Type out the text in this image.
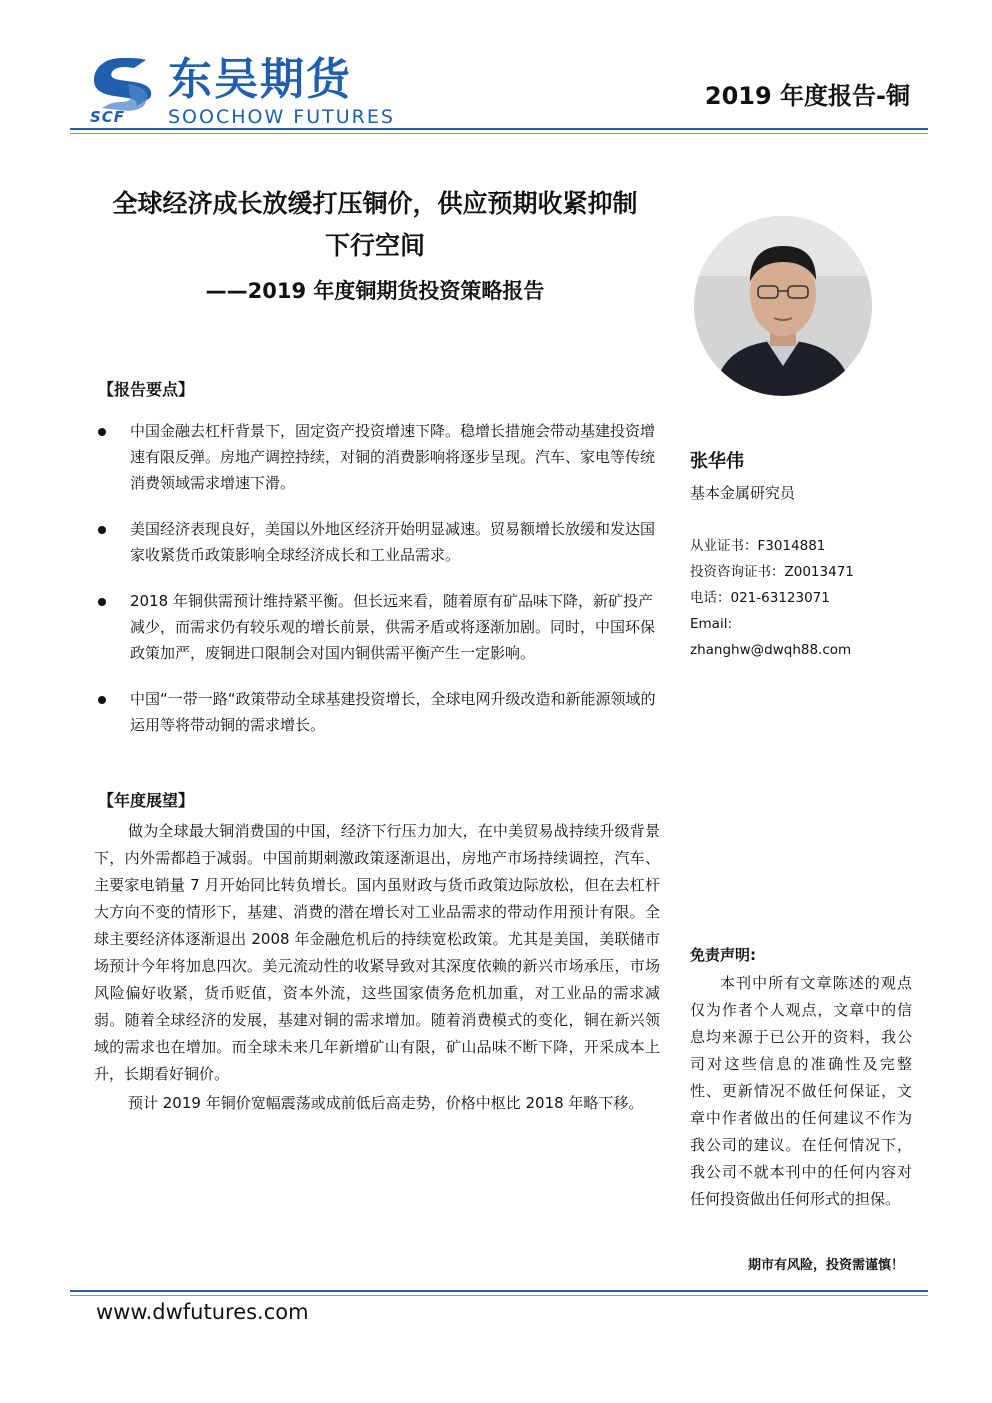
SCF
东吴期货
SOOCHOW FUTURES
2019 年度报告-铜
全球经济成长放缓打压铜价，供应预期收紧抑制
下行空间
——2019 年度铜期货投资策略报告
【报告要点】
中国金融去杠杆背景下，固定资产投资增速下降。稳增长措施会带动基建投资增速有限反弹。房地产调控持续，对铜的消费影响将逐步呈现。汽车、家电等传统消费领域需求增速下滑。
美国经济表现良好，美国以外地区经济开始明显减速。贸易额增长放缓和发达国家收紧货币政策影响全球经济成长和工业品需求。
2018 年铜供需预计维持紧平衡。但长远来看，随着原有矿品味下降，新矿投产减少，而需求仍有较乐观的增长前景，供需矛盾或将逐渐加剧。同时，中国环保政策加严，废铜进口限制会对国内铜供需平衡产生一定影响。
中国“一带一路“政策带动全球基建投资增长，全球电网升级改造和新能源领域的运用等将带动铜的需求增长。
【年度展望】

做为全球最大铜消费国的中国，经济下行压力加大，在中美贸易战持续升级背景下，内外需都趋于减弱。中国前期刺激政策逐渐退出，房地产市场持续调控，汽车、主要家电销量 7 月开始同比转负增长。国内虽财政与货币政策边际放松，但在去杠杆大方向不变的情形下，基建、消费的潜在增长对工业品需求的带动作用预计有限。全球主要经济体逐渐退出 2008 年金融危机后的持续宽松政策。尤其是美国，美联储市场预计今年将加息四次。美元流动性的收紧导致对其深度依赖的新兴市场承压，市场风险偏好收紧，货币贬值，资本外流，这些国家债务危机加重，对工业品的需求减弱。随着全球经济的发展，基建对铜的需求增加。随着消费模式的变化，铜在新兴领域的需求也在增加。而全球未来几年新增矿山有限，矿山品味不断下降，开采成本上升，长期看好铜价。

预计 2019 年铜价宽幅震荡或成前低后高走势，价格中枢比 2018 年略下移。

张华伟
基本金属研究员
从业证书：F3014881
投资咨询证书：Z0013471
电话：021-63123071
Email:
zhanghw@dwqh88.com
免责声明:
本刊中所有文章陈述的观点仅为作者个人观点，文章中的信息均来源于已公开的资料，我公司对这些信息的准确性及完整性、更新情况不做任何保证，文章中作者做出的任何建议不作为我公司的建议。在任何情况下，我公司不就本刊中的任何内容对任何投资做出任何形式的担保。
期市有风险，投资需谨慎！
www.dwfutures.com
